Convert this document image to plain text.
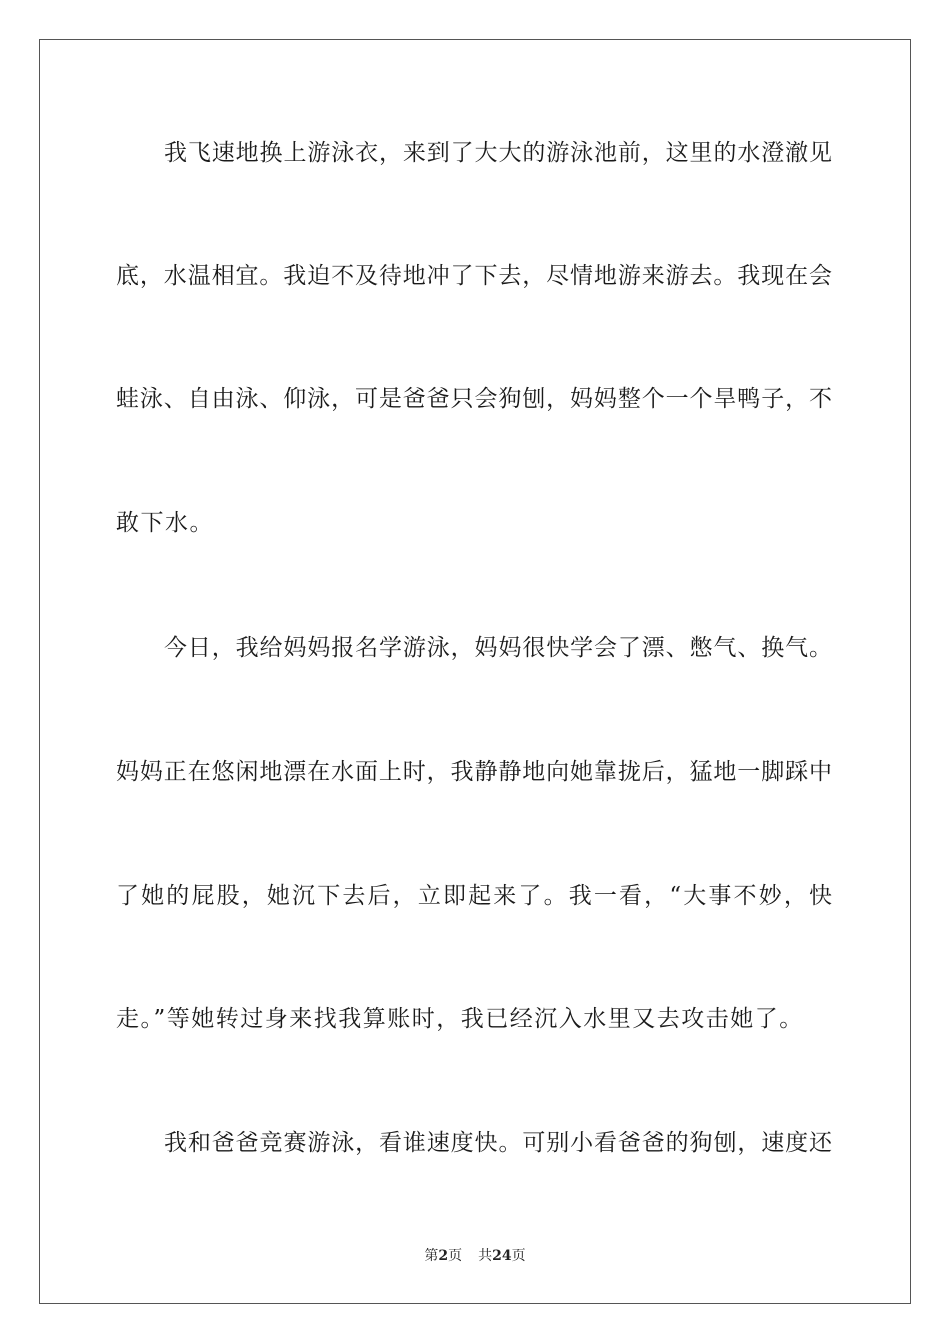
我飞速地换上游泳衣，来到了大大的游泳池前，这里的水澄澈见
底，水温相宜。我迫不及待地冲了下去，尽情地游来游去。我现在会
蛙泳、自由泳、仰泳，可是爸爸只会狗刨，妈妈整个一个旱鸭子，不
敢下水。
今日，我给妈妈报名学游泳，妈妈很快学会了漂、憋气、换气。
妈妈正在悠闲地漂在水面上时，我静静地向她靠拢后，猛地一脚踩中
了她的屁股，她沉下去后，立即起来了。我一看，“大事不妙，快
走。”等她转过身来找我算账时，我已经沉入水里又去攻击她了。
我和爸爸竞赛游泳，看谁速度快。可别小看爸爸的狗刨，速度还
第2页 共24页
